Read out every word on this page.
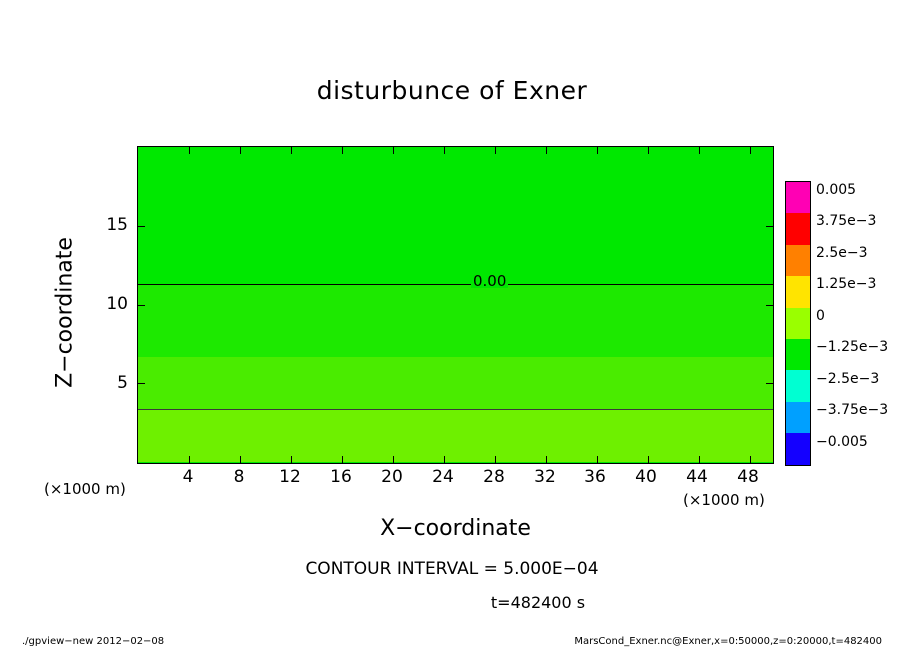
disturbunce of Exner
0.00
4	8	12	16	20	24	28	32	36	40	44	48
5
10
15
X−coordinate
Z−coordinate
(×1000 m)
(×1000 m)
0.005
3.75e−3
2.5e−3
1.25e−3
0
−1.25e−3
−2.5e−3
−3.75e−3
−0.005
CONTOUR INTERVAL = 5.000E−04
t=482400 s
./gpview−new 2012−02−08	MarsCond_Exner.nc@Exner,x=0:50000,z=0:20000,t=482400
